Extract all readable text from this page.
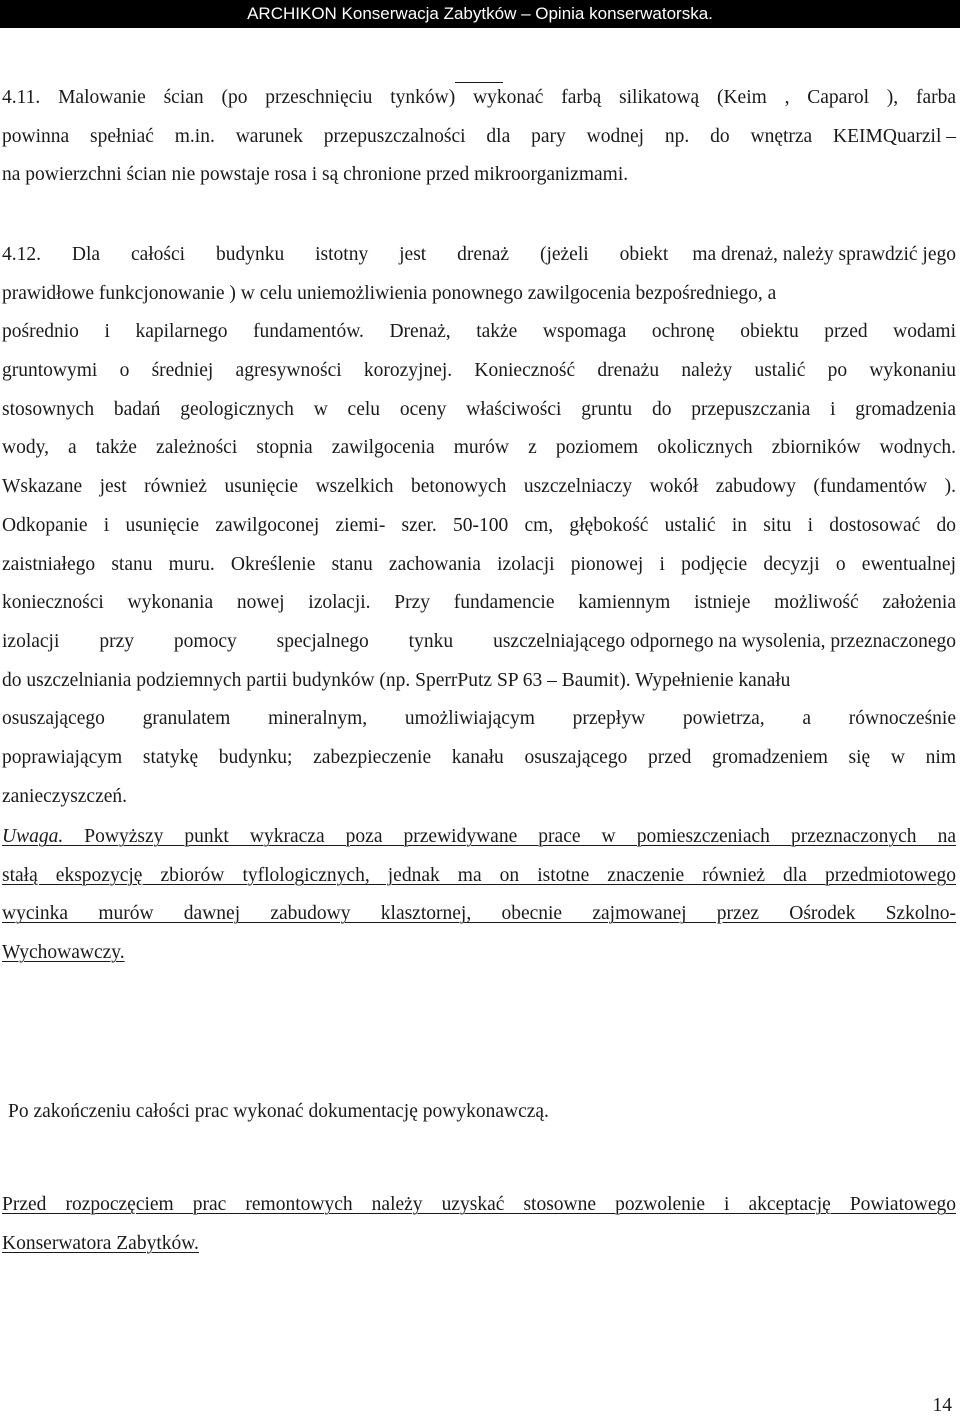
ARCHIKON Konserwacja Zabytków – Opinia konserwatorska.
4.11. Malowanie ścian (po przeschnięciu tynków) wykonać farbą silikatową (Keim , Caparol ), farba
powinna spełniać m.in. warunek przepuszczalności dla pary wodnej np. do wnętrza KEIM Quarzil –
na powierzchni ścian nie powstaje rosa i są chronione przed mikroorganizmami.
4.12. Dla całości budynku istotny jest drenaż (jeżeli obiekt ma drenaż, należy sprawdzić jego
prawidłowe funkcjonowanie ) w celu uniemożliwienia ponownego zawilgocenia bezpośredniego, a
pośrednio i kapilarnego fundamentów. Drenaż, także wspomaga ochronę obiektu przed wodami
gruntowymi o średniej agresywności korozyjnej. Konieczność drenażu należy ustalić po wykonaniu
stosownych badań geologicznych w celu oceny właściwości gruntu do przepuszczania i gromadzenia
wody, a także zależności stopnia zawilgocenia murów z poziomem okolicznych zbiorników wodnych.
Wskazane jest również usunięcie wszelkich betonowych uszczelniaczy wokół zabudowy (fundamentów ).
Odkopanie i usunięcie zawilgoconej ziemi- szer. 50-100 cm, głębokość ustalić in situ i dostosować do
zaistniałego stanu muru. Określenie stanu zachowania izolacji pionowej i podjęcie decyzji o ewentualnej
konieczności wykonania nowej izolacji. Przy fundamencie kamiennym istnieje możliwość założenia
izolacji przy pomocy specjalnego tynku uszczelniającego odpornego na wysolenia, przeznaczonego
do uszczelniania podziemnych partii budynków (np. SperrPutz SP 63 – Baumit). Wypełnienie kanału
osuszającego granulatem mineralnym, umożliwiającym przepływ powietrza, a równocześnie
poprawiającym statykę budynku; zabezpieczenie kanału osuszającego przed gromadzeniem się w nim
zanieczyszczeń.
Uwaga. Powyższy punkt wykracza poza przewidywane prace w pomieszczeniach przeznaczonych na
stałą ekspozycję zbiorów tyflologicznych, jednak ma on istotne znaczenie również dla przedmiotowego
wycinka murów dawnej zabudowy klasztornej, obecnie zajmowanej przez Ośrodek Szkolno-
Wychowawczy.
Po zakończeniu całości prac wykonać dokumentację powykonawczą.
Przed rozpoczęciem prac remontowych należy uzyskać stosowne pozwolenie i akceptację Powiatowego
Konserwatora Zabytków.
14
